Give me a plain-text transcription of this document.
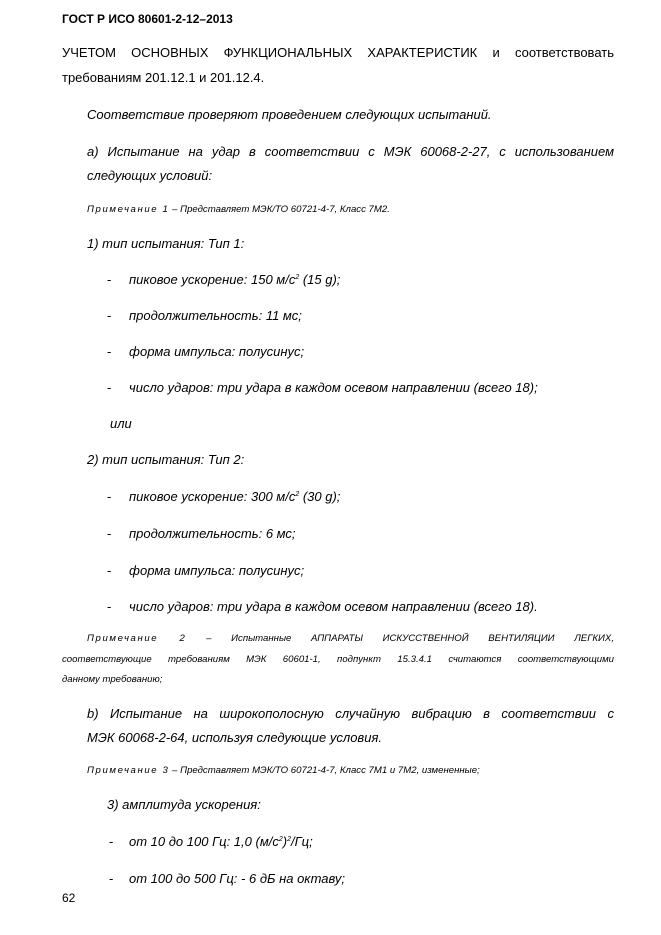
ГОСТ Р ИСО 80601-2-12–2013
УЧЕТОМ ОСНОВНЫХ ФУНКЦИОНАЛЬНЫХ ХАРАКТЕРИСТИК и соответствовать
требованиям 201.12.1 и 201.12.4.
Соответствие проверяют проведением следующих испытаний.
а) Испытание на удар в соответствии с МЭК 60068-2-27, с использованием
следующих условий:
Примечание 1 – Представляет МЭК/ТО 60721-4-7, Класс 7М2.
1) тип испытания: Тип 1:
- пиковое ускорение: 150 $м/с^2$ (15 g);
- продолжительность: 11 мс;
- форма импульса: полусинус;
- число ударов: три удара в каждом осевом направлении (всего 18);
или
2) тип испытания: Тип 2:
- пиковое ускорение: 300 $м/с^2$ (30 g);
- продолжительность: 6 мс;
- форма импульса: полусинус;
- число ударов: три удара в каждом осевом направлении (всего 18).
Примечание 2 – Испытанные АППАРАТЫ ИСКУССТВЕННОЙ ВЕНТИЛЯЦИИ ЛЕГКИХ,
соответствующие требованиям МЭК 60601-1, подпункт 15.3.4.1 считаются соответствующими
данному требованию;
b) Испытание на широкополосную случайную вибрацию в соответствии с
МЭК 60068-2-64, используя следующие условия.
Примечание 3 – Представляет МЭК/ТО 60721-4-7, Класс 7М1 и 7М2, измененные;
3) амплитуда ускорения:
- от 10 до 100 Гц: 1,0 $(м/с^2)^2/Гц$;
- от 100 до 500 Гц: - 6 дБ на октаву;
62
